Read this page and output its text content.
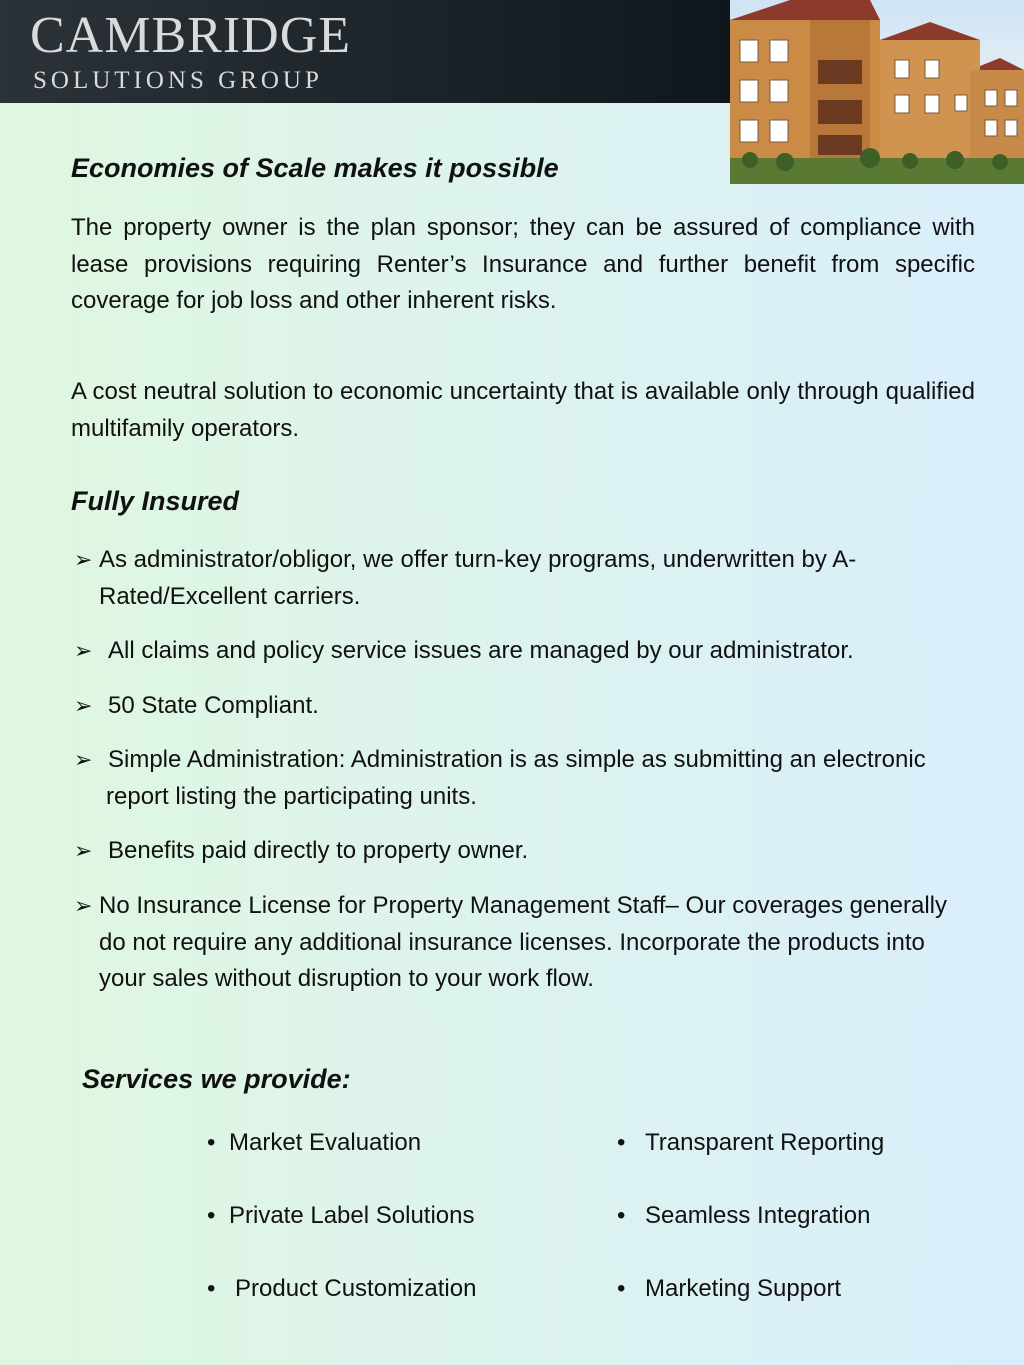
CAMBRIDGE
SOLUTIONS GROUP
Economies of Scale makes it possible
The property owner is the plan sponsor; they can be assured of compliance with lease provisions requiring Renter’s Insurance and further benefit from specific coverage for job loss and other inherent risks.
A cost neutral solution to economic uncertainty that is available only through qualified multifamily operators.
Fully Insured
➢ As administrator/obligor, we offer turn-key programs, underwritten by A-Rated/Excellent carriers.
➢ All claims and policy service issues are managed by our administrator.
➢ 50 State Compliant.
➢ Simple Administration: Administration is as simple as submitting an electronic report listing the participating units.
➢ Benefits paid directly to property owner.
➢ No Insurance License for Property Management Staff– Our coverages generally do not require any additional insurance licenses. Incorporate the products into your sales without disruption to your work flow.
Services we provide:
• Market Evaluation
• Private Label Solutions
• Product Customization
• Transparent Reporting
• Seamless Integration
• Marketing Support
